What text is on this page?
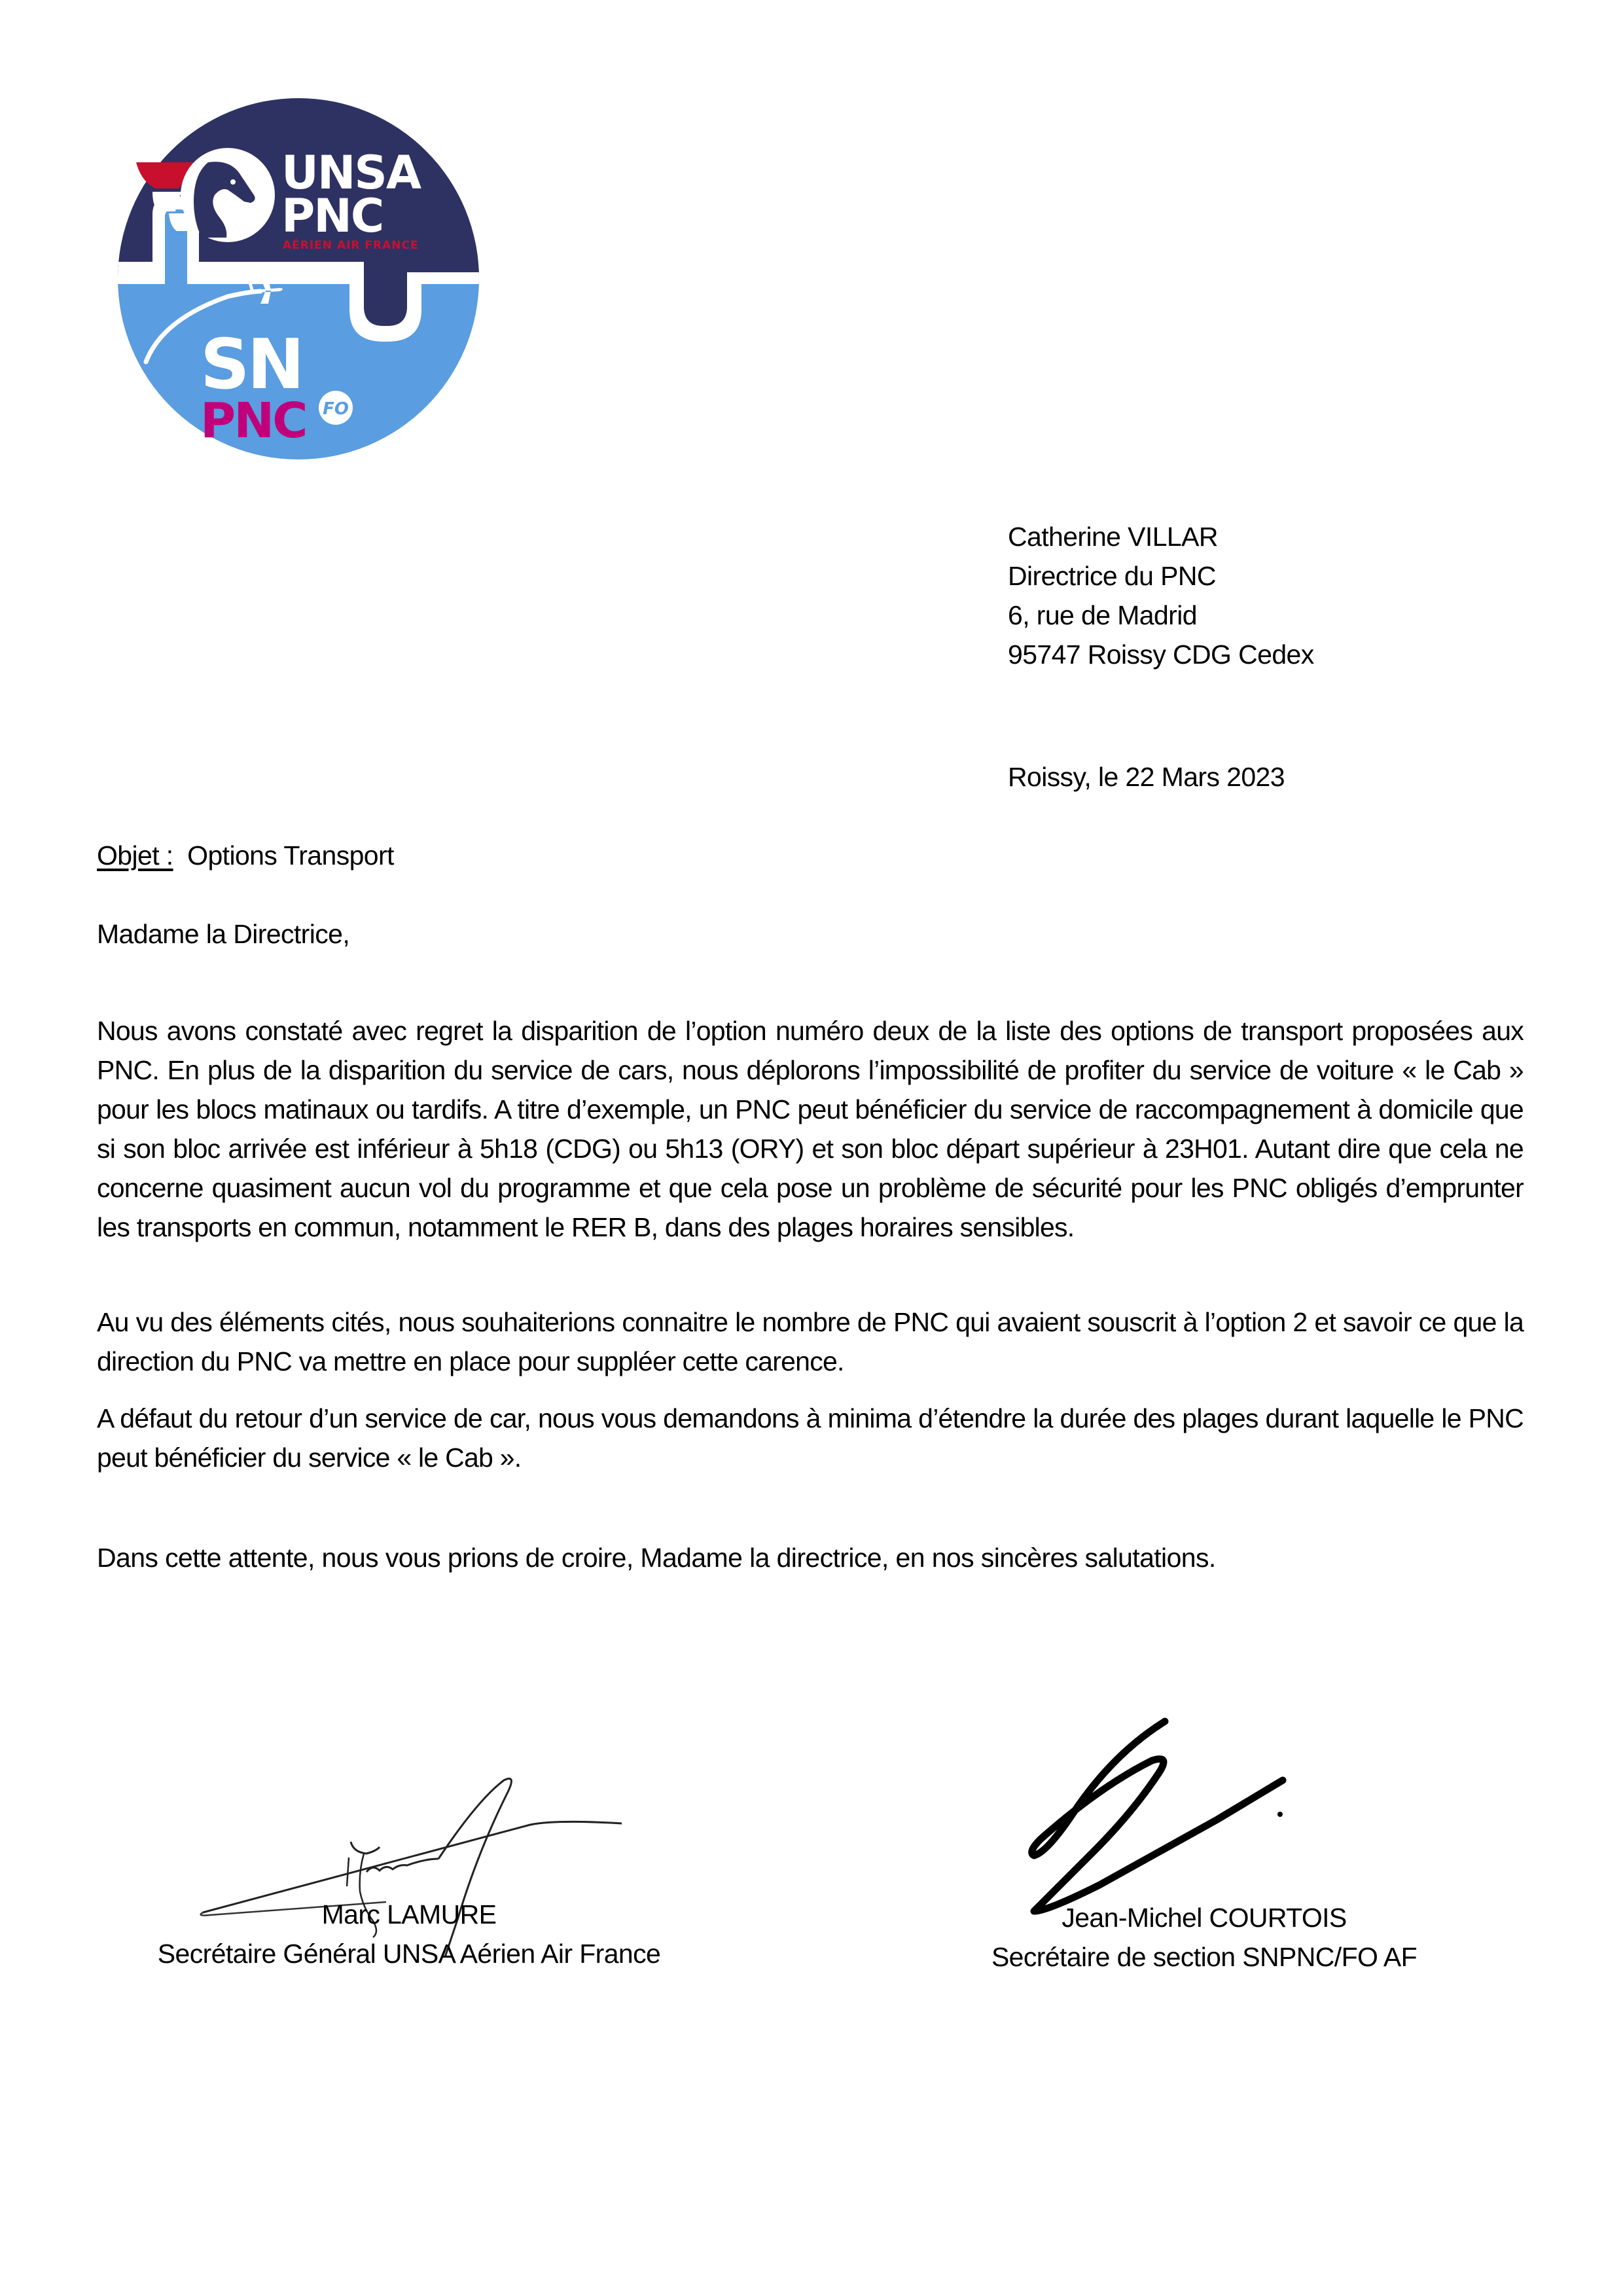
UNSA
PNC
AÉRIEN AIR FRANCE
SN
PNC FO
Catherine VILLAR
Directrice du PNC
6, rue de Madrid
95747 Roissy CDG Cedex
Roissy, le 22 Mars 2023
Objet : Options Transport
Madame la Directrice,

Nous avons constaté avec regret la disparition de l’option numéro deux de la liste des options de transport proposées aux PNC. En plus de la disparition du service de cars, nous déplorons l’impossibilité de profiter du service de voiture « le Cab » pour les blocs matinaux ou tardifs. A titre d’exemple, un PNC peut bénéficier du service de raccompagnement à domicile que si son bloc arrivée est inférieur à 5h18 (CDG) ou 5h13 (ORY) et son bloc départ supérieur à 23H01. Autant dire que cela ne concerne quasiment aucun vol du programme et que cela pose un problème de sécurité pour les PNC obligés d’emprunter les transports en commun, notamment le RER B, dans des plages horaires sensibles.

Au vu des éléments cités, nous souhaiterions connaitre le nombre de PNC qui avaient souscrit à l’option 2 et savoir ce que la direction du PNC va mettre en place pour suppléer cette carence.

A défaut du retour d’un service de car, nous vous demandons à minima d’étendre la durée des plages durant laquelle le PNC peut bénéficier du service « le Cab ».

Dans cette attente, nous vous prions de croire, Madame la directrice, en nos sincères salutations.
Marc LAMURE
Secrétaire Général UNSA Aérien Air France
Jean-Michel COURTOIS
Secrétaire de section SNPNC/FO AF
